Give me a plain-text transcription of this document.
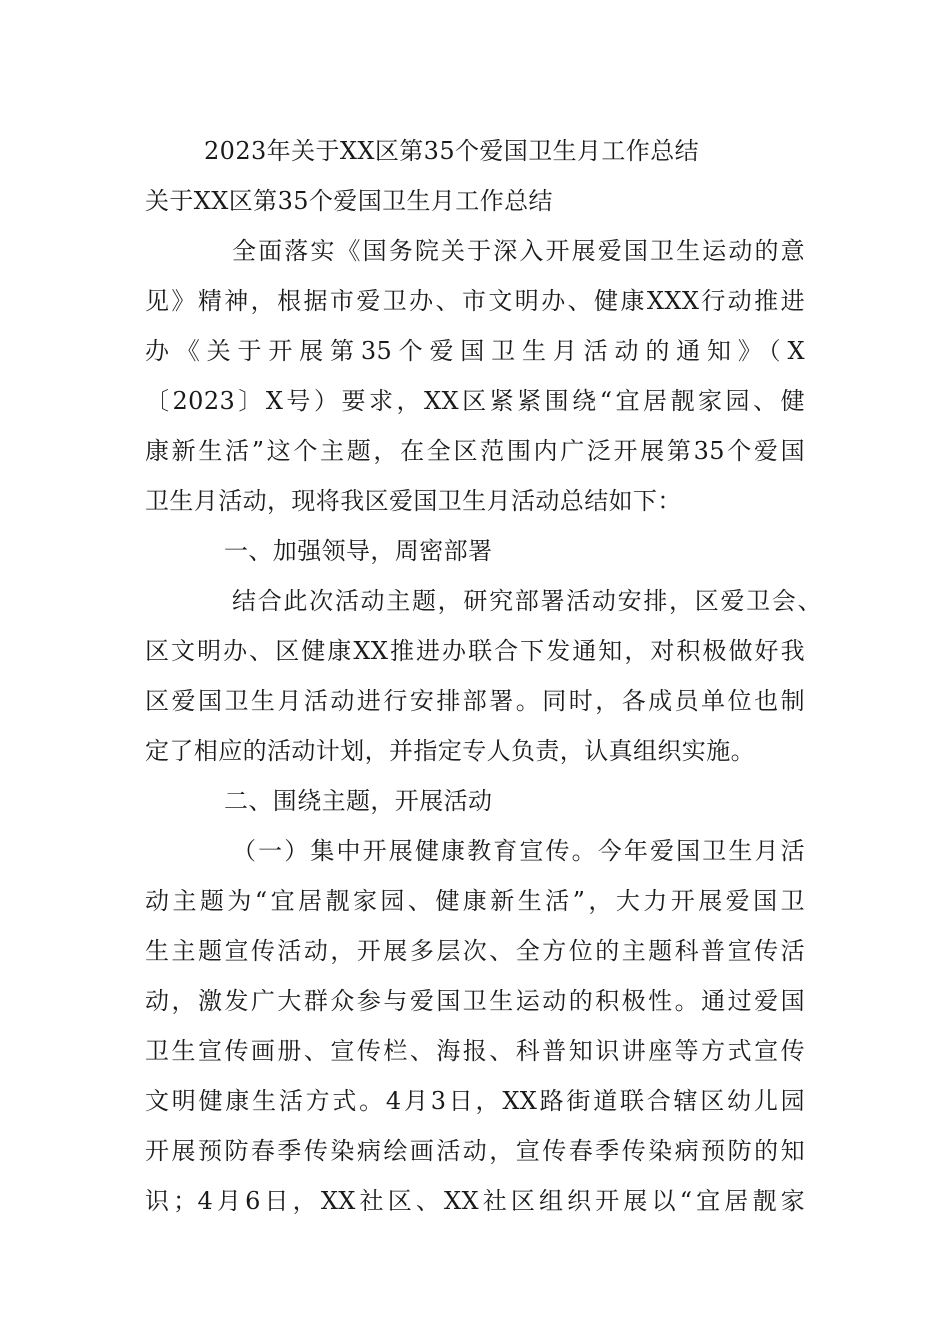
2023年关于XX区第35个爱国卫生月工作总结

关于XX区第35个爱国卫生月工作总结

全面落实《国务院关于深入开展爱国卫生运动的意

见》精神，根据市爱卫办、市文明办、健康XXX行动推进

办《关于开展第35个爱国卫生月活动的通知》（X

〔2023〕X号）要求，XX区紧紧围绕“宜居靓家园、健

康新生活”这个主题，在全区范围内广泛开展第35个爱国

卫生月活动，现将我区爱国卫生月活动总结如下：

一、加强领导，周密部署

结合此次活动主题，研究部署活动安排，区爱卫会、

区文明办、区健康XX推进办联合下发通知，对积极做好我

区爱国卫生月活动进行安排部署。同时，各成员单位也制

定了相应的活动计划，并指定专人负责，认真组织实施。

二、围绕主题，开展活动

（一）集中开展健康教育宣传。今年爱国卫生月活

动主题为“宜居靓家园、健康新生活”，大力开展爱国卫

生主题宣传活动，开展多层次、全方位的主题科普宣传活

动，激发广大群众参与爱国卫生运动的积极性。通过爱国

卫生宣传画册、宣传栏、海报、科普知识讲座等方式宣传

文明健康生活方式。4月3日，XX路街道联合辖区幼儿园

开展预防春季传染病绘画活动，宣传春季传染病预防的知

识；4月6日，XX社区、XX社区组织开展以“宜居靓家
